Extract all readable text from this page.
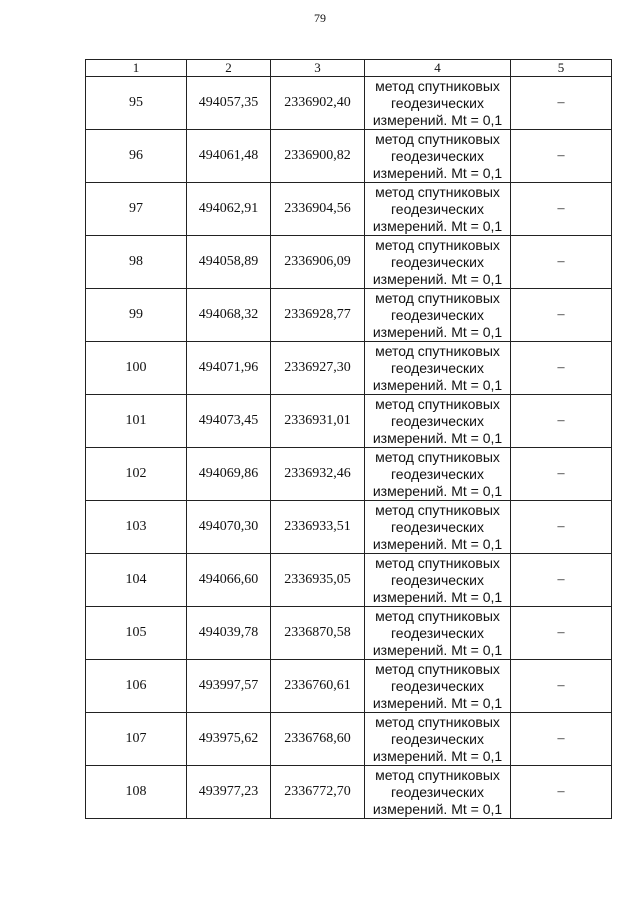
79
1	2	3	4	5
95	494057,35	2336902,40	метод спутниковых
геодезических
измерений. Mt = 0,1	–
96	494061,48	2336900,82	метод спутниковых
геодезических
измерений. Mt = 0,1	–
97	494062,91	2336904,56	метод спутниковых
геодезических
измерений. Mt = 0,1	–
98	494058,89	2336906,09	метод спутниковых
геодезических
измерений. Mt = 0,1	–
99	494068,32	2336928,77	метод спутниковых
геодезических
измерений. Mt = 0,1	–
100	494071,96	2336927,30	метод спутниковых
геодезических
измерений. Mt = 0,1	–
101	494073,45	2336931,01	метод спутниковых
геодезических
измерений. Mt = 0,1	–
102	494069,86	2336932,46	метод спутниковых
геодезических
измерений. Mt = 0,1	–
103	494070,30	2336933,51	метод спутниковых
геодезических
измерений. Mt = 0,1	–
104	494066,60	2336935,05	метод спутниковых
геодезических
измерений. Mt = 0,1	–
105	494039,78	2336870,58	метод спутниковых
геодезических
измерений. Mt = 0,1	–
106	493997,57	2336760,61	метод спутниковых
геодезических
измерений. Mt = 0,1	–
107	493975,62	2336768,60	метод спутниковых
геодезических
измерений. Mt = 0,1	–
108	493977,23	2336772,70	метод спутниковых
геодезических
измерений. Mt = 0,1	–
